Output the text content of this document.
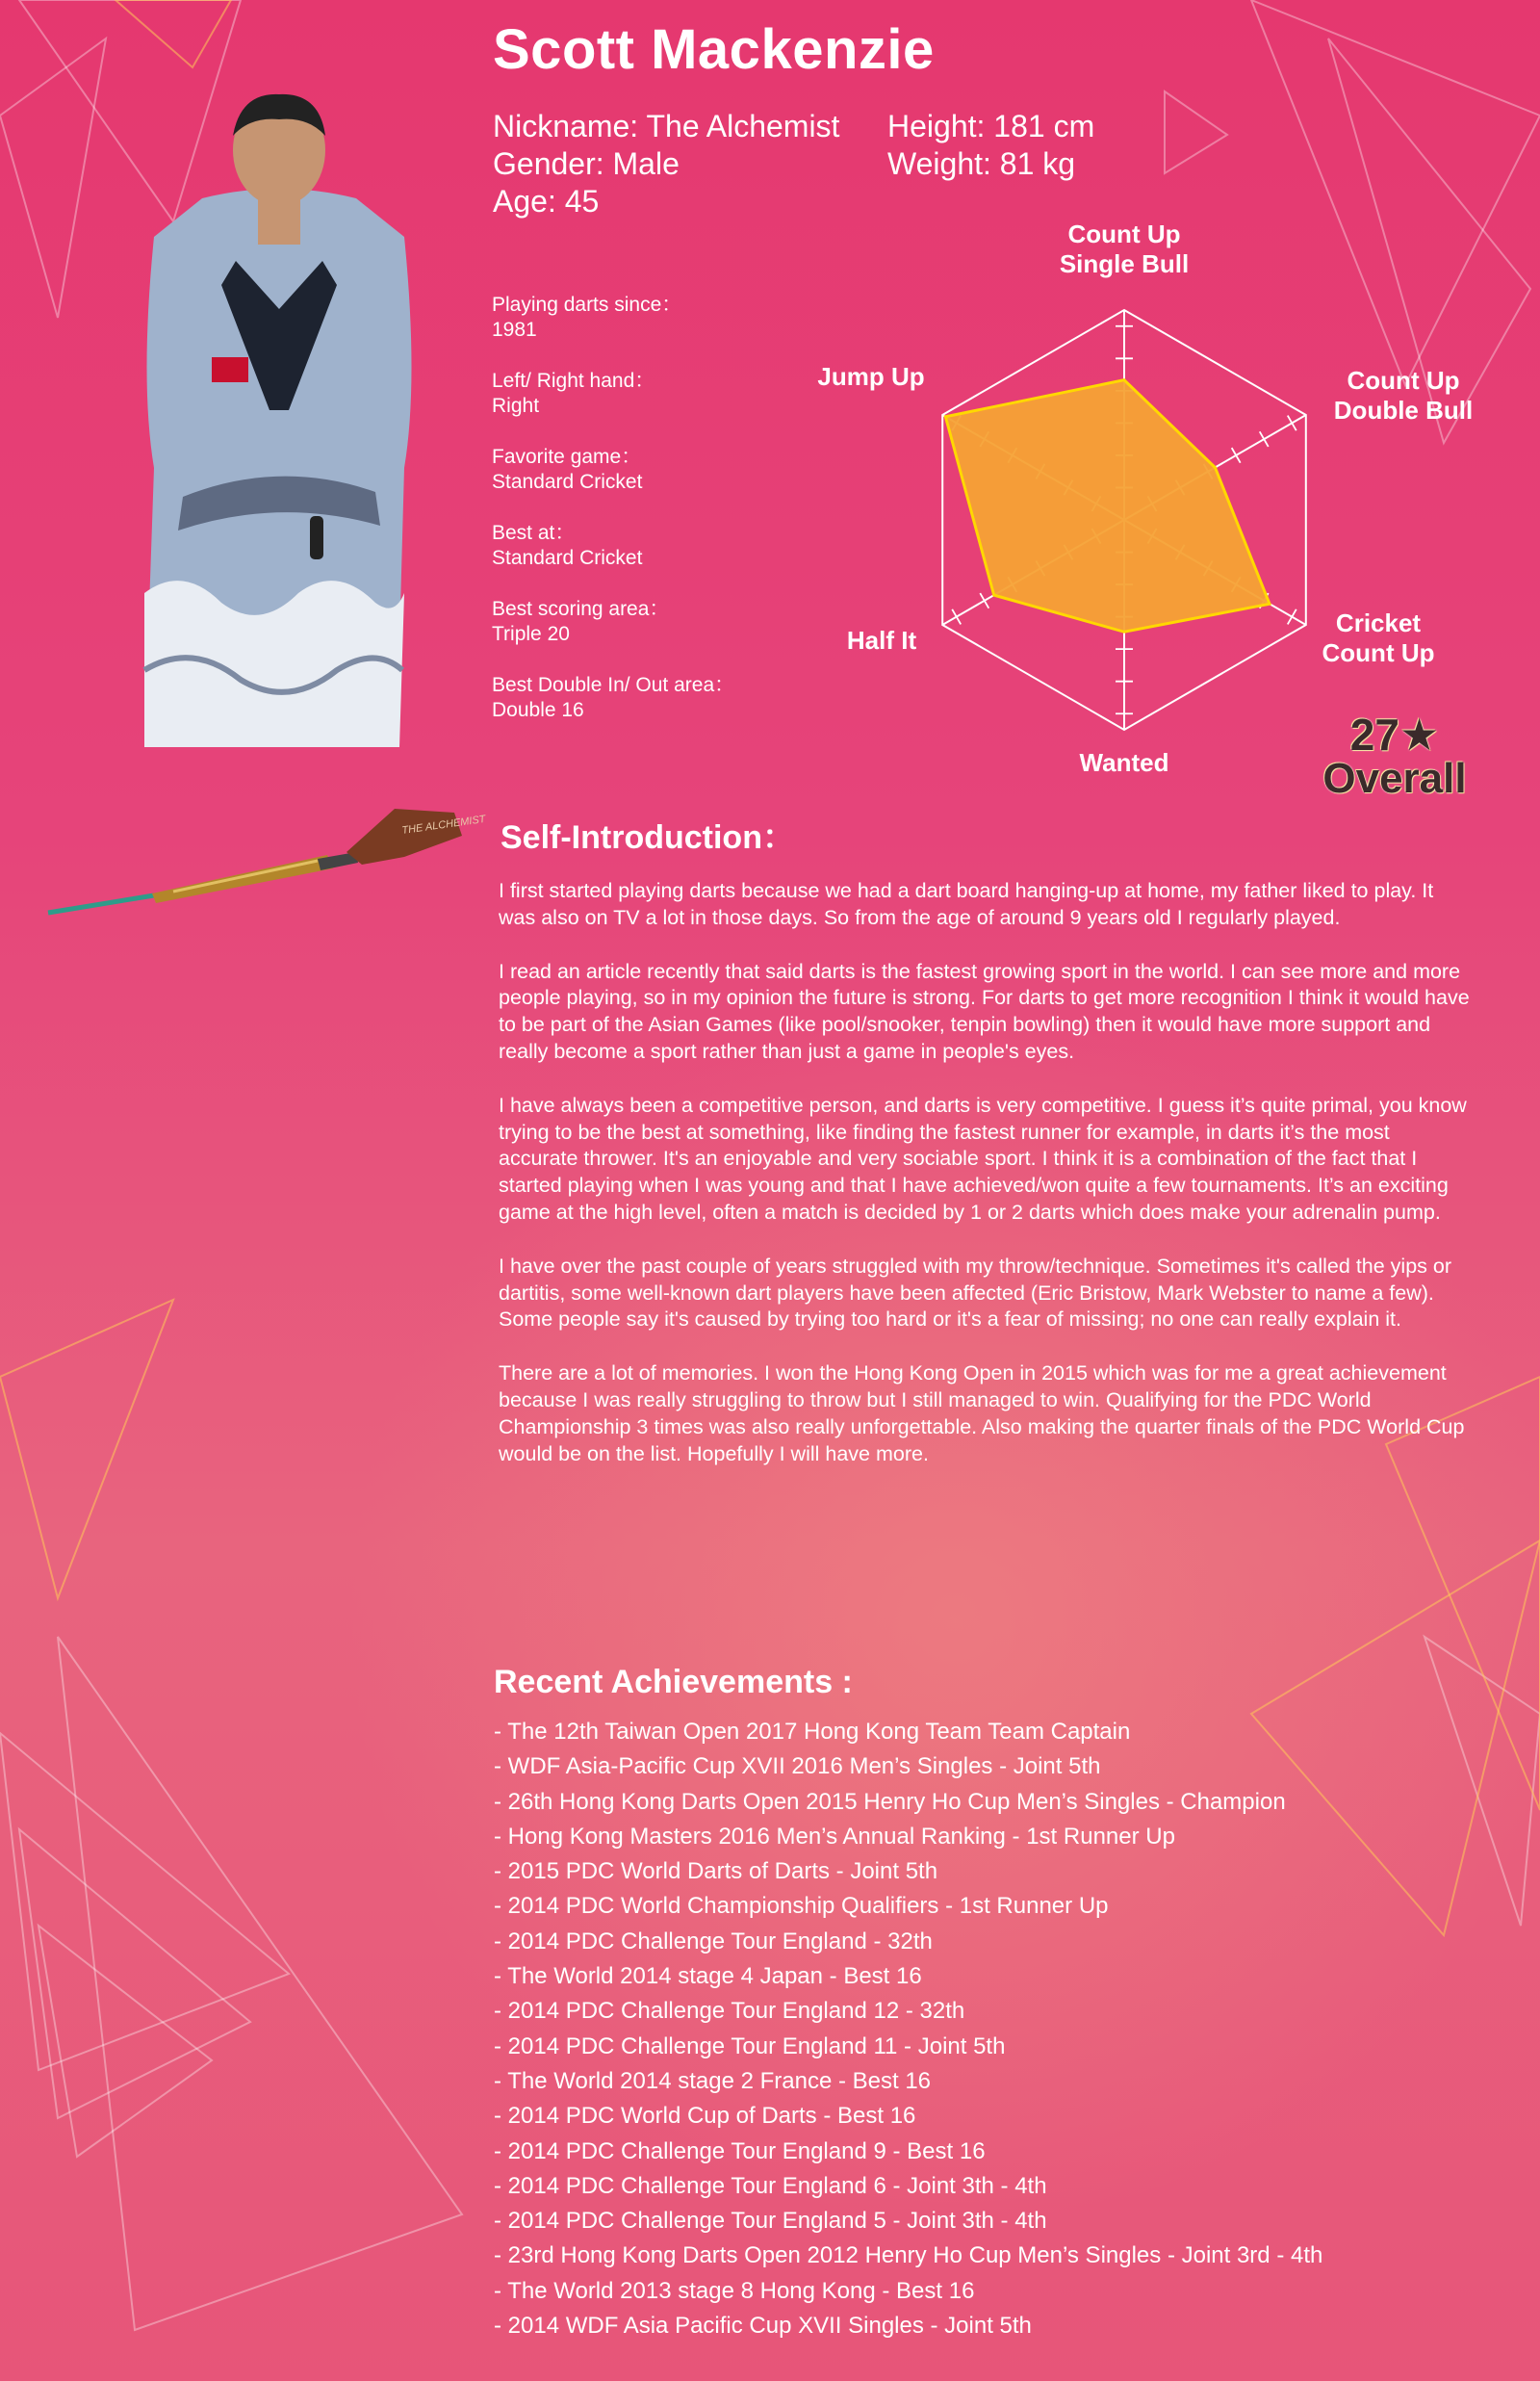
Scott Mackenzie
Nickname: The Alchemist
Gender: Male
Age: 45
Height: 181 cm
Weight: 81 kg
Playing darts since：
1981
Left/ Right hand：
Right
Favorite game：
Standard Cricket
Best at：
Standard Cricket
Best scoring area：
Triple 20
Best Double In/ Out area：
Double 16
Count Up
Single Bull
Count Up
Double Bull
Cricket
Count Up
Wanted
Half It
Jump Up
27★
Overall
THE ALCHEMIST Self-Introduction：

I first started playing darts because we had a dart board hanging-up at home, my father liked to play. It was also on TV a lot in those days. So from the age of around 9 years old I regularly played.

I read an article recently that said darts is the fastest growing sport in the world. I can see more and more people playing, so in my opinion the future is strong. For darts to get more recognition I think it would have to be part of the Asian Games (like pool/snooker, tenpin bowling) then it would have more support and really become a sport rather than just a game in people's eyes.

I have always been a competitive person, and darts is very competitive. I guess it’s quite primal, you know trying to be the best at something, like finding the fastest runner for example, in darts it’s the most accurate thrower. It's an enjoyable and very sociable sport. I think it is a combination of the fact that I started playing when I was young and that I have achieved/won quite a few tournaments. It’s an exciting game at the high level, often a match is decided by 1 or 2 darts which does make your adrenalin pump.

I have over the past couple of years struggled with my throw/technique. Sometimes it's called the yips or dartitis, some well-known dart players have been affected (Eric Bristow, Mark Webster to name a few). Some people say it's caused by trying too hard or it's a fear of missing; no one can really explain it.

There are a lot of memories. I won the Hong Kong Open in 2015 which was for me a great achievement because I was really struggling to throw but I still managed to win. Qualifying for the PDC World Championship 3 times was also really unforgettable. Also making the quarter finals of the PDC World Cup would be on the list. Hopefully I will have more.

Recent Achievements :
- The 12th Taiwan Open 2017 Hong Kong Team Team Captain
- WDF Asia-Pacific Cup XVII 2016 Men’s Singles - Joint 5th
- 26th Hong Kong Darts Open 2015 Henry Ho Cup Men’s Singles - Champion
- Hong Kong Masters 2016 Men’s Annual Ranking - 1st Runner Up
- 2015 PDC World Darts of Darts - Joint 5th
- 2014 PDC World Championship Qualifiers - 1st Runner Up
- 2014 PDC Challenge Tour England - 32th
- The World 2014 stage 4 Japan - Best 16
- 2014 PDC Challenge Tour England 12 - 32th
- 2014 PDC Challenge Tour England 11 - Joint 5th
- The World 2014 stage 2 France - Best 16
- 2014 PDC World Cup of Darts - Best 16
- 2014 PDC Challenge Tour England 9 - Best 16
- 2014 PDC Challenge Tour England 6 - Joint 3th - 4th
- 2014 PDC Challenge Tour England 5 - Joint 3th - 4th
- 23rd Hong Kong Darts Open 2012 Henry Ho Cup Men’s Singles - Joint 3rd - 4th
- The World 2013 stage 8 Hong Kong - Best 16
- 2014 WDF Asia Pacific Cup XVII Singles - Joint 5th
